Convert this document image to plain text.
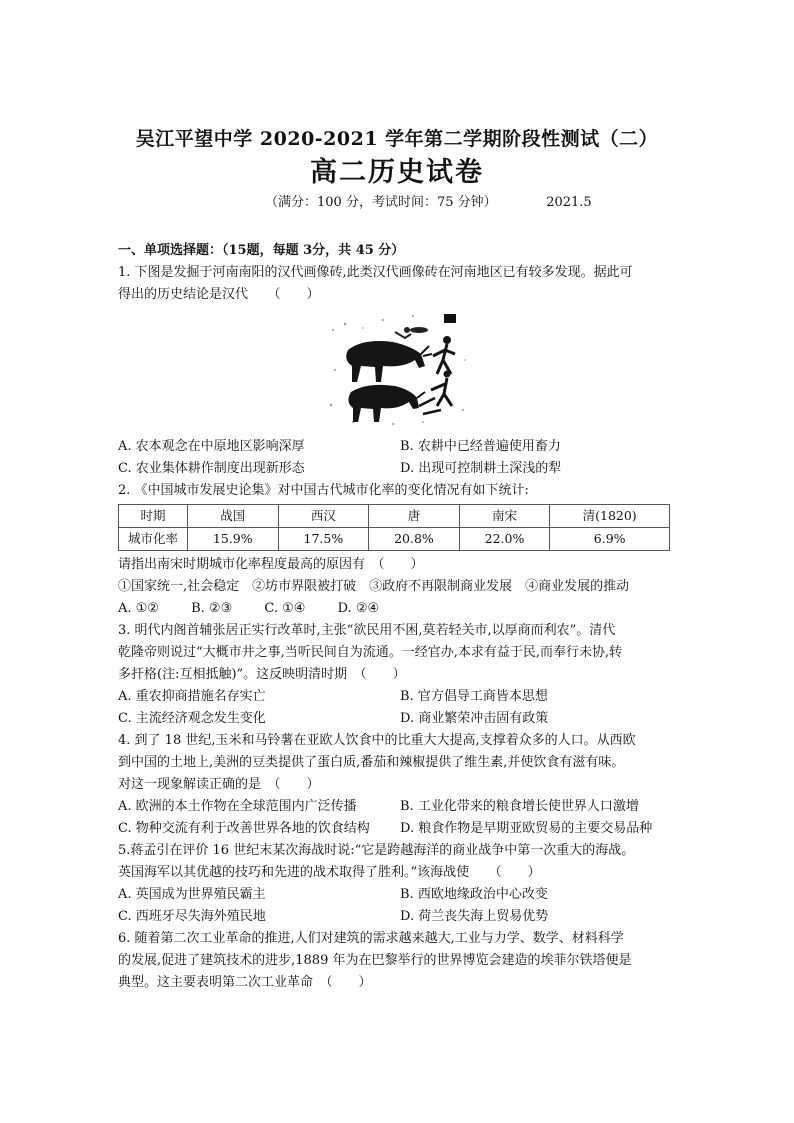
吴江平望中学 2020-2021 学年第二学期阶段性测试（二）
高二历史试卷
（满分：100 分，考试时间：75 分钟）	2021.5

一、单项选择题：（15题，每题 3分，共 45 分）

1. 下图是发掘于河南南阳的汉代画像砖,此类汉代画像砖在河南地区已有较多发现。据此可

得出的历史结论是汉代　　（　　）

A. 农本观念在中原地区影响深厚	B. 农耕中已经普遍使用畜力
C. 农业集体耕作制度出现新形态	D. 出现可控制耕土深浅的犁

2. 《中国城市发展史论集》对中国古代城市化率的变化情况有如下统计:

时期	战国	西汉	唐	南宋	清(1820)
城市化率	15.9%	17.5%	20.8%	22.0%	6.9%

请指出南宋时期城市化率程度最高的原因有　（　　）

①国家统一,社会稳定　②坊市界限被打破　③政府不再限制商业发展　④商业发展的推动

A. ①② B. ②③ C. ①④ D. ②④

3. 明代内阁首辅张居正实行改革时,主张“欲民用不困,莫若轻关市,以厚商而利农”。清代

乾隆帝则说过“大概市井之事,当听民间自为流通。一经官办,本求有益于民,而奉行未协,转

多扞格(注:互相抵触)”。这反映明清时期　（　　）

A. 重农抑商措施名存实亡	B. 官方倡导工商皆本思想
C. 主流经济观念发生变化	D. 商业繁荣冲击固有政策

4. 到了 18 世纪,玉米和马铃薯在亚欧人饮食中的比重大大提高,支撑着众多的人口。从西欧

到中国的土地上,美洲的豆类提供了蛋白质,番茄和辣椒提供了维生素,并使饮食有滋有味。

对这一现象解读正确的是　（　　）

A. 欧洲的本土作物在全球范围内广泛传播	B. 工业化带来的粮食增长使世界人口激增
C. 物种交流有利于改善世界各地的饮食结构	D. 粮食作物是早期亚欧贸易的主要交易品种

5.蒋孟引在评价 16 世纪末某次海战时说:“它是跨越海洋的商业战争中第一次重大的海战。

英国海军以其优越的技巧和先进的战术取得了胜利。”该海战使　　（　　）

A. 英国成为世界殖民霸主	B. 西欧地缘政治中心改变
C. 西班牙尽失海外殖民地	D. 荷兰丧失海上贸易优势

6. 随着第二次工业革命的推进,人们对建筑的需求越来越大,工业与力学、数学、材料科学

的发展,促进了建筑技术的进步,1889 年为在巴黎举行的世界博览会建造的埃菲尔铁塔便是

典型。这主要表明第二次工业革命　（　　）
